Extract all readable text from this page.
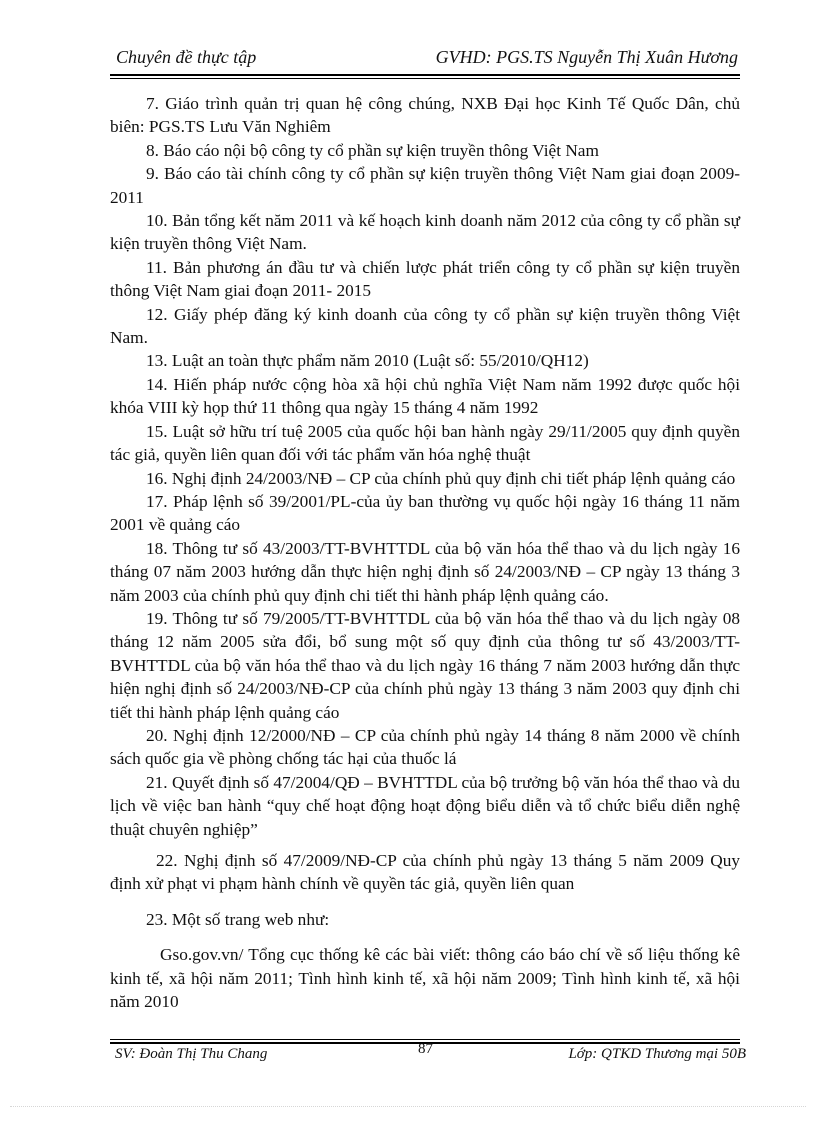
Chuyên đề thực tập	GVHD: PGS.TS Nguyễn Thị Xuân Hương

7. Giáo trình quản trị quan hệ công chúng, NXB Đại học Kinh Tế Quốc Dân, chủ biên: PGS.TS Lưu Văn Nghiêm

8. Báo cáo nội bộ công ty cổ phần sự kiện truyền thông Việt Nam

9. Báo cáo tài chính công ty cổ phần sự kiện truyền thông Việt Nam giai đoạn 2009- 2011

10. Bản tổng kết năm 2011 và kế hoạch kinh doanh năm 2012 của công ty cổ phần sự kiện truyền thông Việt Nam.

11. Bản phương án đầu tư và chiến lược phát triển công ty cổ phần sự kiện truyền thông Việt Nam giai đoạn 2011- 2015

12. Giấy phép đăng ký kinh doanh của công ty cổ phần sự kiện truyền thông Việt Nam.

13. Luật an toàn thực phẩm năm 2010 (Luật số: 55/2010/QH12)

14. Hiến pháp nước cộng hòa xã hội chủ nghĩa Việt Nam năm 1992 được quốc hội khóa VIII kỳ họp thứ 11 thông qua ngày 15 tháng 4 năm 1992

15. Luật sở hữu trí tuệ 2005 của quốc hội ban hành ngày 29/11/2005 quy định quyền tác giả, quyền liên quan đối với tác phẩm văn hóa nghệ thuật

16. Nghị định 24/2003/NĐ – CP của chính phủ quy định chi tiết pháp lệnh quảng cáo

17. Pháp lệnh số 39/2001/PL-của ủy ban thường vụ quốc hội ngày 16 tháng 11 năm 2001 về quảng cáo

18. Thông tư số 43/2003/TT-BVHTTDL của bộ văn hóa thể thao và du lịch ngày 16 tháng 07 năm 2003 hướng dẫn thực hiện nghị định số 24/2003/NĐ – CP ngày 13 tháng 3 năm 2003 của chính phủ quy định chi tiết thi hành pháp lệnh quảng cáo.

19. Thông tư số 79/2005/TT-BVHTTDL của bộ văn hóa thể thao và du lịch ngày 08 tháng 12 năm 2005 sửa đổi, bổ sung một số quy định của thông tư số 43/2003/TT-BVHTTDL của bộ văn hóa thể thao và du lịch ngày 16 tháng 7 năm 2003 hướng dẫn thực hiện nghị định số 24/2003/NĐ-CP của chính phủ ngày 13 tháng 3 năm 2003 quy định chi tiết thi hành pháp lệnh quảng cáo

20. Nghị định 12/2000/NĐ – CP của chính phủ ngày 14 tháng 8 năm 2000 về chính sách quốc gia về phòng chống tác hại của thuốc lá

21. Quyết định số 47/2004/QĐ – BVHTTDL của bộ trưởng bộ văn hóa thể thao và du lịch về việc ban hành “quy chế hoạt động hoạt động biểu diễn và tổ chức biểu diễn nghệ thuật chuyên nghiệp”

22. Nghị định số 47/2009/NĐ-CP của chính phủ ngày 13 tháng 5 năm 2009 Quy định xử phạt vi phạm hành chính về quyền tác giả, quyền liên quan

23. Một số trang web như:

Gso.gov.vn/ Tổng cục thống kê các bài viết: thông cáo báo chí về số liệu thống kê kinh tế, xã hội năm 2011; Tình hình kinh tế, xã hội năm 2009; Tình hình kinh tế, xã hội năm 2010

SV: Đoàn Thị Thu Chang	87	Lớp: QTKD Thương mại 50B
